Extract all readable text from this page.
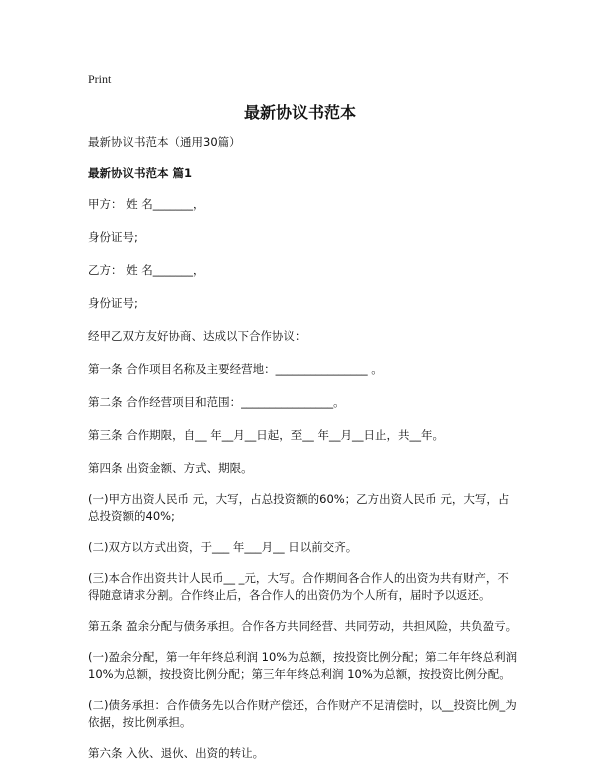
Print
最新协议书范本

最新协议书范本（通用30篇）

最新协议书范本 篇1

甲方： 姓 名_______，

身份证号;

乙方： 姓 名_______，

身份证号;

经甲乙双方友好协商、达成以下合作协议：

第一条 合作项目名称及主要经营地：________________ 。

第二条 合作经营项目和范围：________________。

第三条 合作期限，自__ 年__月__日起，至__ 年__月__日止，共__年。

第四条 出资金额、方式、期限。

(一)甲方出资人民币 元，大写，占总投资额的60%；乙方出资人民币 元，大写，占总投资额的40%;

(二)双方以方式出资，于___ 年___月__ 日以前交齐。

(三)本合作出资共计人民币__ _元，大写。合作期间各合作人的出资为共有财产，不得随意请求分割。合作终止后，各合作人的出资仍为个人所有，届时予以返还。

第五条 盈余分配与债务承担。合作各方共同经营、共同劳动，共担风险，共负盈亏。

(一)盈余分配，第一年年终总利润 10%为总额，按投资比例分配；第二年年终总利润 10%为总额，按投资比例分配；第三年年终总利润 10%为总额，按投资比例分配。

(二)债务承担：合作债务先以合作财产偿还，合作财产不足清偿时，以__投资比例_为依据，按比例承担。

第六条 入伙、退伙、出资的转让。
